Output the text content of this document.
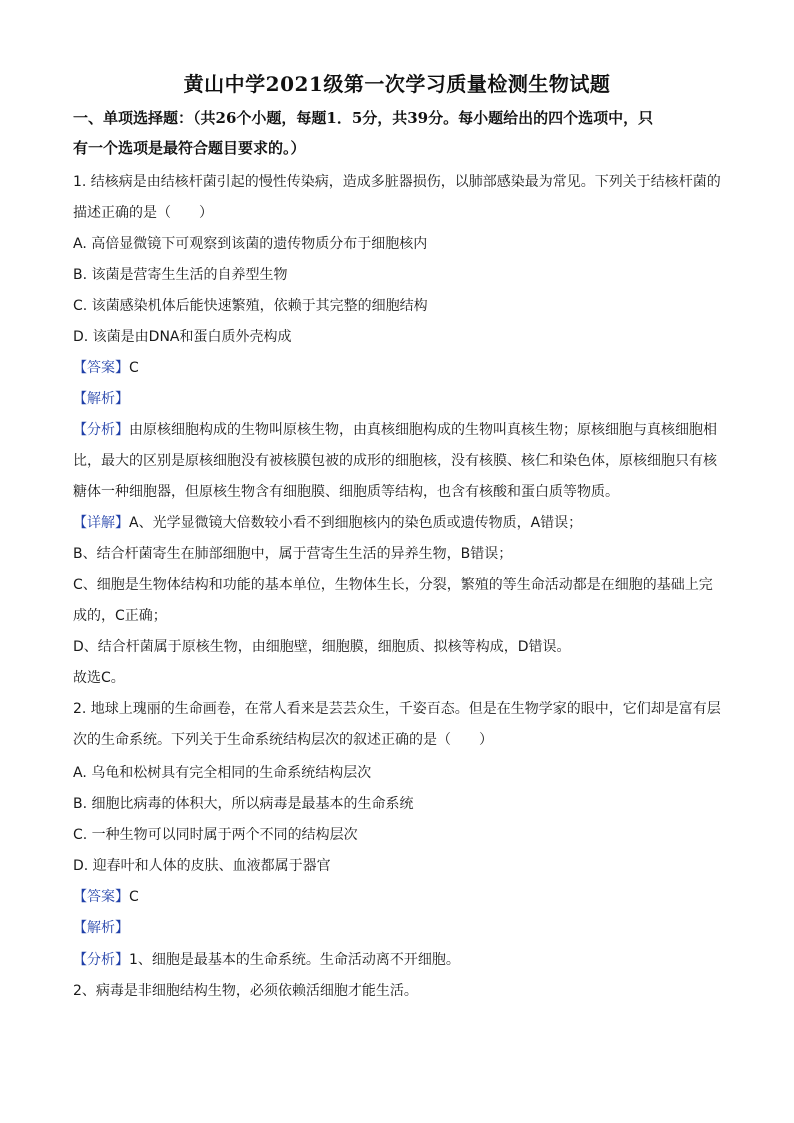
黄山中学2021级第一次学习质量检测生物试题
一、单项选择题：（共26个小题，每题1．5分，共39分。每小题给出的四个选项中，只
有一个选项是最符合题目要求的。）
1. 结核病是由结核杆菌引起的慢性传染病，造成多脏器损伤，以肺部感染最为常见。下列关于结核杆菌的
描述正确的是（　　）
A. 高倍显微镜下可观察到该菌的遗传物质分布于细胞核内
B. 该菌是营寄生生活的自养型生物
C. 该菌感染机体后能快速繁殖，依赖于其完整的细胞结构
D. 该菌是由DNA和蛋白质外壳构成
【答案】C
【解析】
【分析】由原核细胞构成的生物叫原核生物，由真核细胞构成的生物叫真核生物；原核细胞与真核细胞相
比，最大的区别是原核细胞没有被核膜包被的成形的细胞核，没有核膜、核仁和染色体，原核细胞只有核
糖体一种细胞器，但原核生物含有细胞膜、细胞质等结构，也含有核酸和蛋白质等物质。
【详解】A、光学显微镜大倍数较小看不到细胞核内的染色质或遗传物质，A错误；
B、结合杆菌寄生在肺部细胞中，属于营寄生生活的异养生物，B错误；
C、细胞是生物体结构和功能的基本单位，生物体生长，分裂，繁殖的等生命活动都是在细胞的基础上完
成的，C正确；
D、结合杆菌属于原核生物，由细胞壁，细胞膜，细胞质、拟核等构成，D错误。
故选C。
2. 地球上瑰丽的生命画卷，在常人看来是芸芸众生，千姿百态。但是在生物学家的眼中，它们却是富有层
次的生命系统。下列关于生命系统结构层次的叙述正确的是（　　）
A. 乌龟和松树具有完全相同的生命系统结构层次
B. 细胞比病毒的体积大，所以病毒是最基本的生命系统
C. 一种生物可以同时属于两个不同的结构层次
D. 迎春叶和人体的皮肤、血液都属于器官
【答案】C
【解析】
【分析】1、细胞是最基本的生命系统。生命活动离不开细胞。
2、病毒是非细胞结构生物，必须依赖活细胞才能生活。
